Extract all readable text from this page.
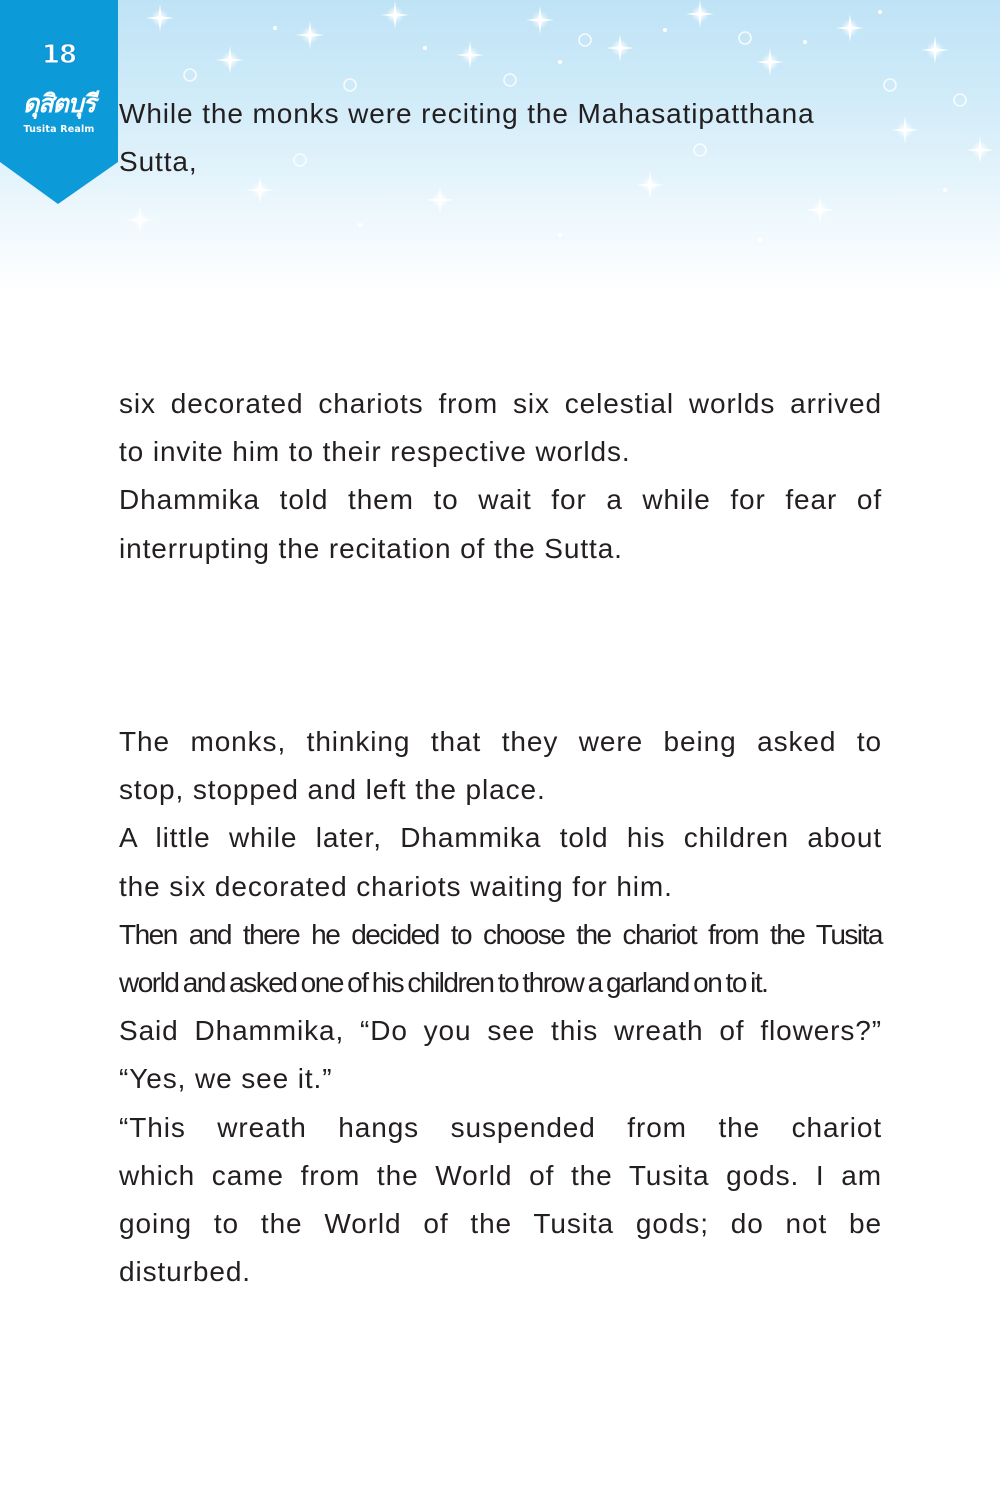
18
ดุสิตบุรี
Tusita Realm
While the monks were reciting the Mahasatipatthana
Sutta,
six decorated chariots from six celestial worlds arrived
to invite him to their respective worlds.
Dhammika told them to wait for a while for fear of
interrupting the recitation of the Sutta.
The monks, thinking that they were being asked to
stop, stopped and left the place.
A little while later, Dhammika told his children about
the six decorated chariots waiting for him.
Then and there he decided to choose the chariot from the Tusita
world and asked one of his children to throw a garland on to it.
Said Dhammika, “Do you see this wreath of flowers?”
“Yes, we see it.”
“This wreath hangs suspended from the chariot
which came from the World of the Tusita gods. I am
going to the World of the Tusita gods; do not be
disturbed.
